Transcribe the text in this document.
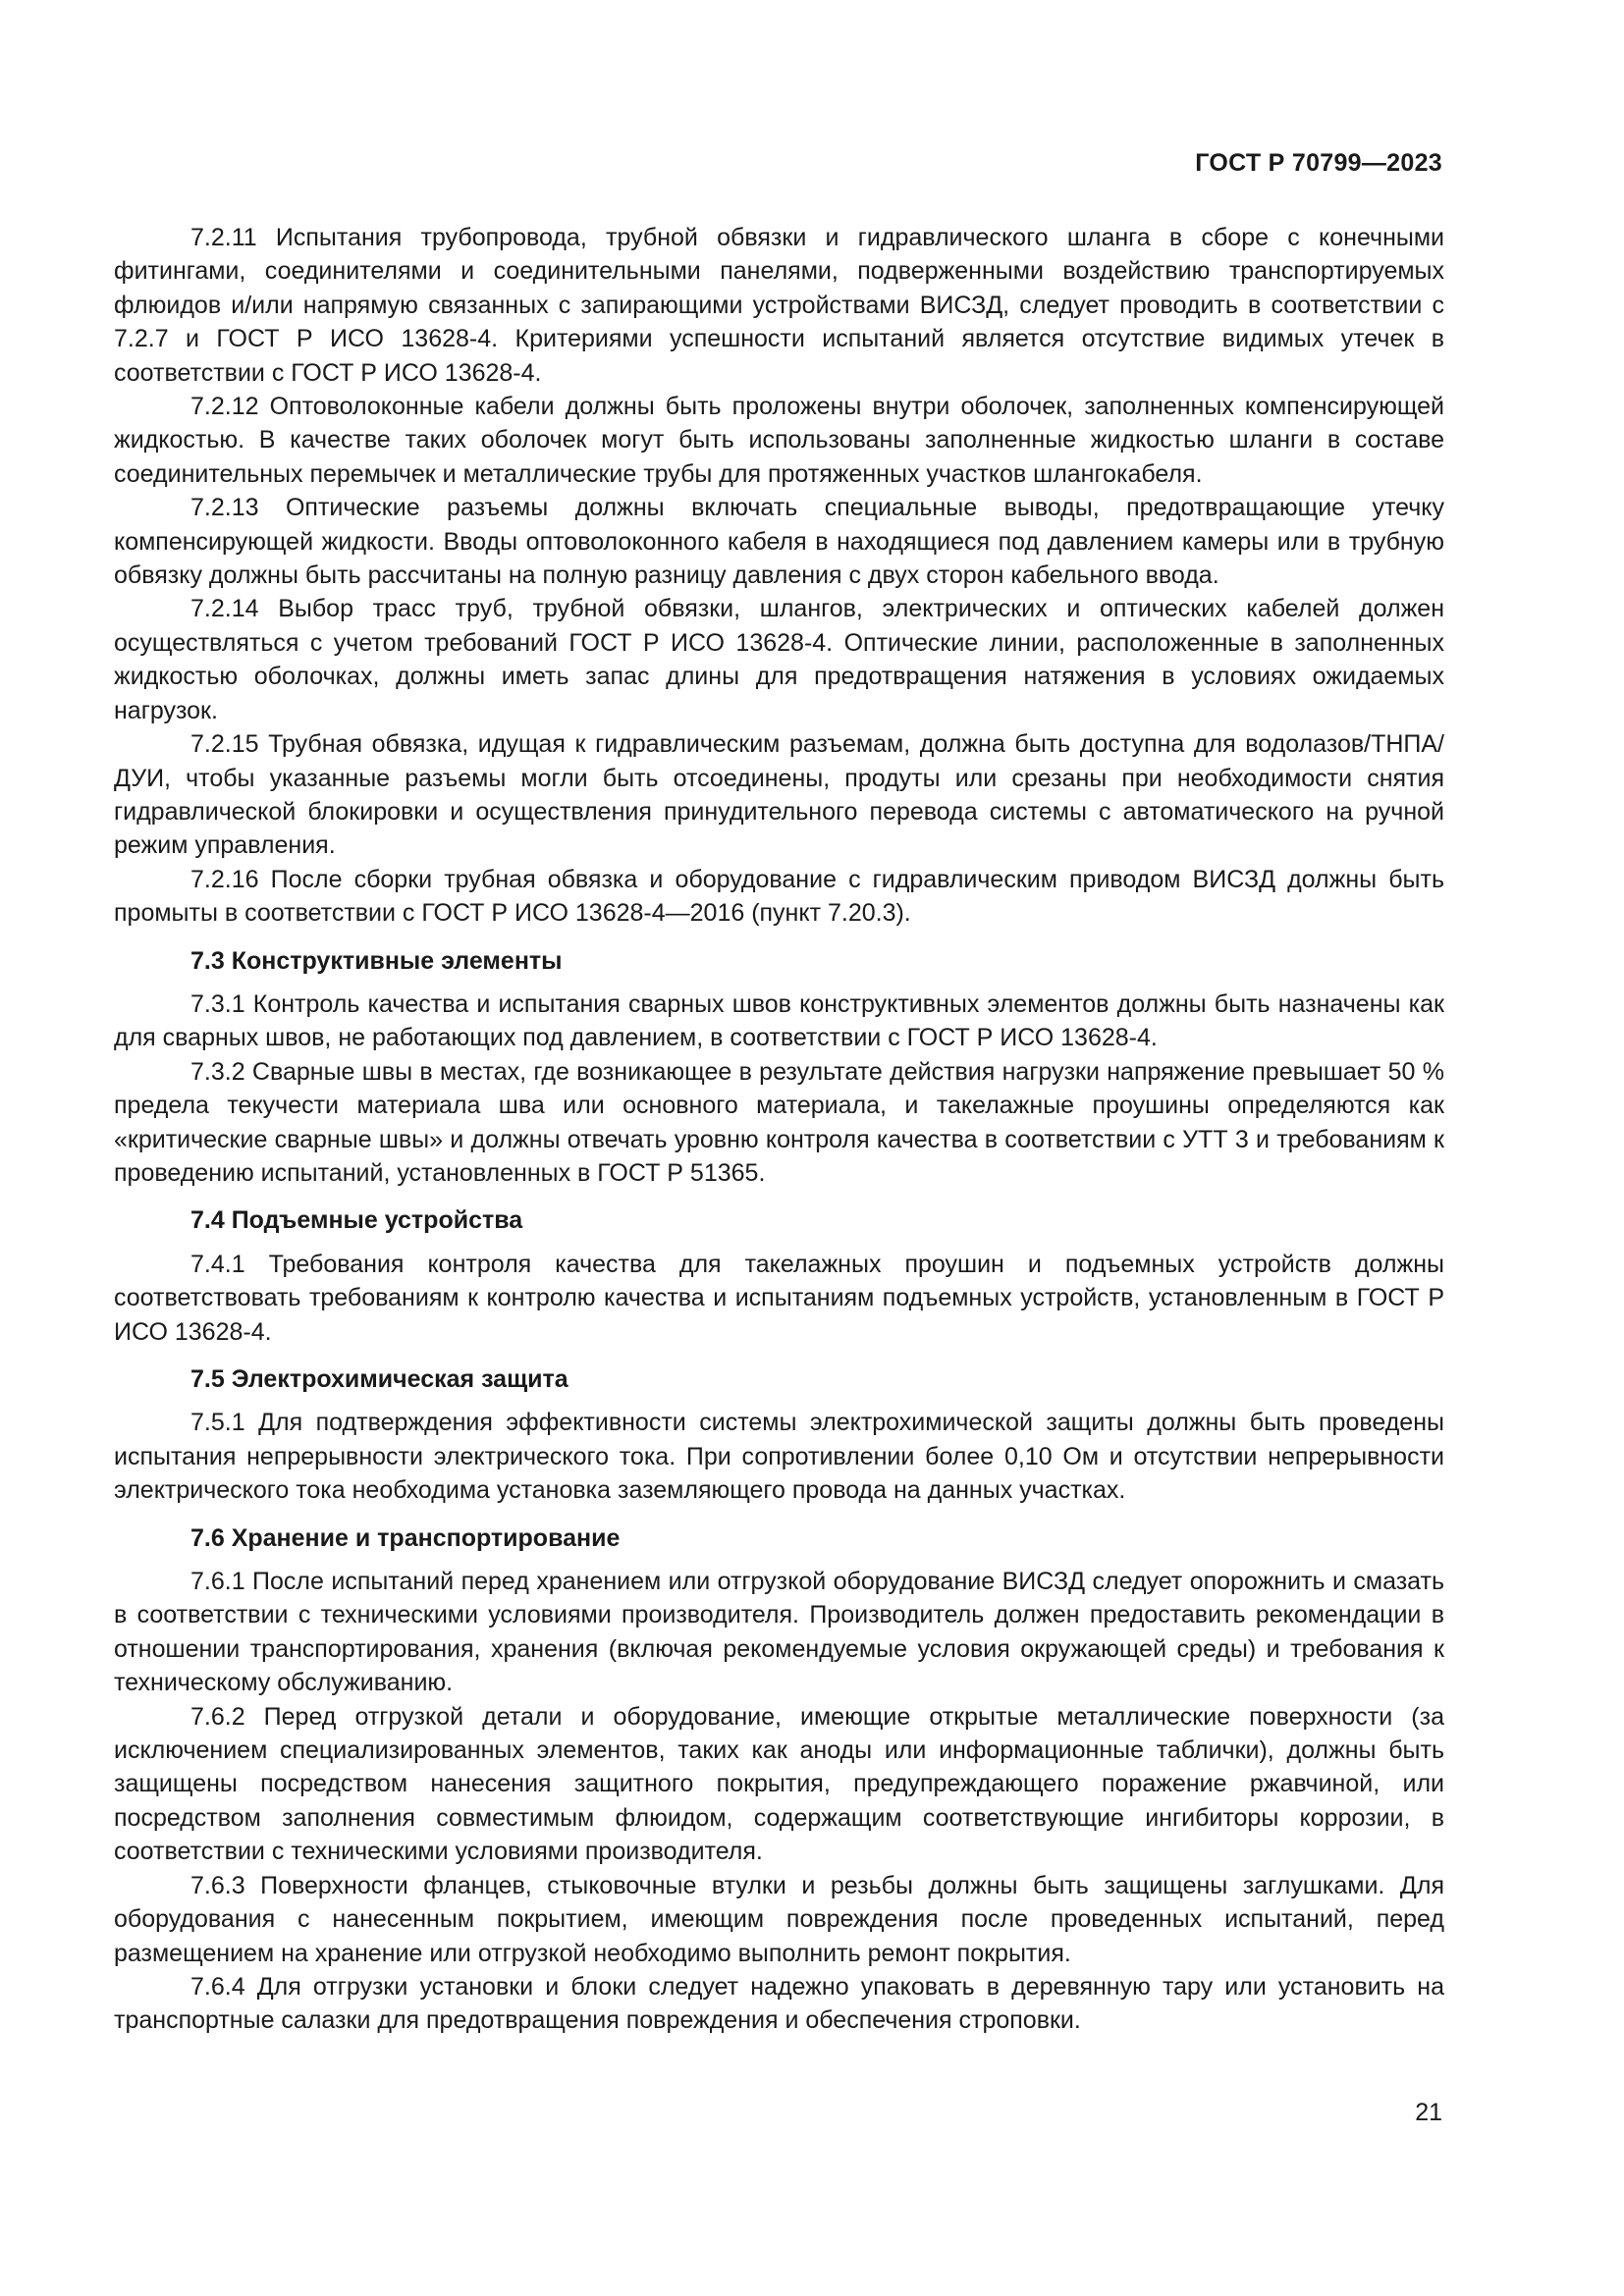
ГОСТ Р 70799—2023

7.2.11 Испытания трубопровода, трубной обвязки и гидравлического шланга в сборе с конечными фитингами, соединителями и соединительными панелями, подверженными воздействию транспортируемых флюидов и/или напрямую связанных с запирающими устройствами ВИСЗД, следует проводить в соответствии с 7.2.7 и ГОСТ Р ИСО 13628-4. Критериями успешности испытаний является отсутствие видимых утечек в соответствии с ГОСТ Р ИСО 13628-4.

7.2.12 Оптоволоконные кабели должны быть проложены внутри оболочек, заполненных компенсирующей жидкостью. В качестве таких оболочек могут быть использованы заполненные жидкостью шланги в составе соединительных перемычек и металлические трубы для протяженных участков шлангокабеля.

7.2.13 Оптические разъемы должны включать специальные выводы, предотвращающие утечку компенсирующей жидкости. Вводы оптоволоконного кабеля в находящиеся под давлением камеры или в трубную обвязку должны быть рассчитаны на полную разницу давления с двух сторон кабельного ввода.

7.2.14 Выбор трасс труб, трубной обвязки, шлангов, электрических и оптических кабелей должен осуществляться с учетом требований ГОСТ Р ИСО 13628-4. Оптические линии, расположенные в заполненных жидкостью оболочках, должны иметь запас длины для предотвращения натяжения в условиях ожидаемых нагрузок.

7.2.15 Трубная обвязка, идущая к гидравлическим разъемам, должна быть доступна для водолазов/ТНПА/ДУИ, чтобы указанные разъемы могли быть отсоединены, продуты или срезаны при необходимости снятия гидравлической блокировки и осуществления принудительного перевода системы с автоматического на ручной режим управления.

7.2.16 После сборки трубная обвязка и оборудование с гидравлическим приводом ВИСЗД должны быть промыты в соответствии с ГОСТ Р ИСО 13628-4—2016 (пункт 7.20.3).

7.3 Конструктивные элементы

7.3.1 Контроль качества и испытания сварных швов конструктивных элементов должны быть назначены как для сварных швов, не работающих под давлением, в соответствии с ГОСТ Р ИСО 13628-4.

7.3.2 Сварные швы в местах, где возникающее в результате действия нагрузки напряжение превышает 50 % предела текучести материала шва или основного материала, и такелажные проушины определяются как «критические сварные швы» и должны отвечать уровню контроля качества в соответствии с УТТ 3 и требованиям к проведению испытаний, установленных в ГОСТ Р 51365.

7.4 Подъемные устройства

7.4.1 Требования контроля качества для такелажных проушин и подъемных устройств должны соответствовать требованиям к контролю качества и испытаниям подъемных устройств, установленным в ГОСТ Р ИСО 13628-4.

7.5 Электрохимическая защита

7.5.1 Для подтверждения эффективности системы электрохимической защиты должны быть проведены испытания непрерывности электрического тока. При сопротивлении более 0,10 Ом и отсутствии непрерывности электрического тока необходима установка заземляющего провода на данных участках.

7.6 Хранение и транспортирование

7.6.1 После испытаний перед хранением или отгрузкой оборудование ВИСЗД следует опорожнить и смазать в соответствии с техническими условиями производителя. Производитель должен предоставить рекомендации в отношении транспортирования, хранения (включая рекомендуемые условия окружающей среды) и требования к техническому обслуживанию.

7.6.2 Перед отгрузкой детали и оборудование, имеющие открытые металлические поверхности (за исключением специализированных элементов, таких как аноды или информационные таблички), должны быть защищены посредством нанесения защитного покрытия, предупреждающего поражение ржавчиной, или посредством заполнения совместимым флюидом, содержащим соответствующие ингибиторы коррозии, в соответствии с техническими условиями производителя.

7.6.3 Поверхности фланцев, стыковочные втулки и резьбы должны быть защищены заглушками. Для оборудования с нанесенным покрытием, имеющим повреждения после проведенных испытаний, перед размещением на хранение или отгрузкой необходимо выполнить ремонт покрытия.

7.6.4 Для отгрузки установки и блоки следует надежно упаковать в деревянную тару или установить на транспортные салазки для предотвращения повреждения и обеспечения строповки.

21
